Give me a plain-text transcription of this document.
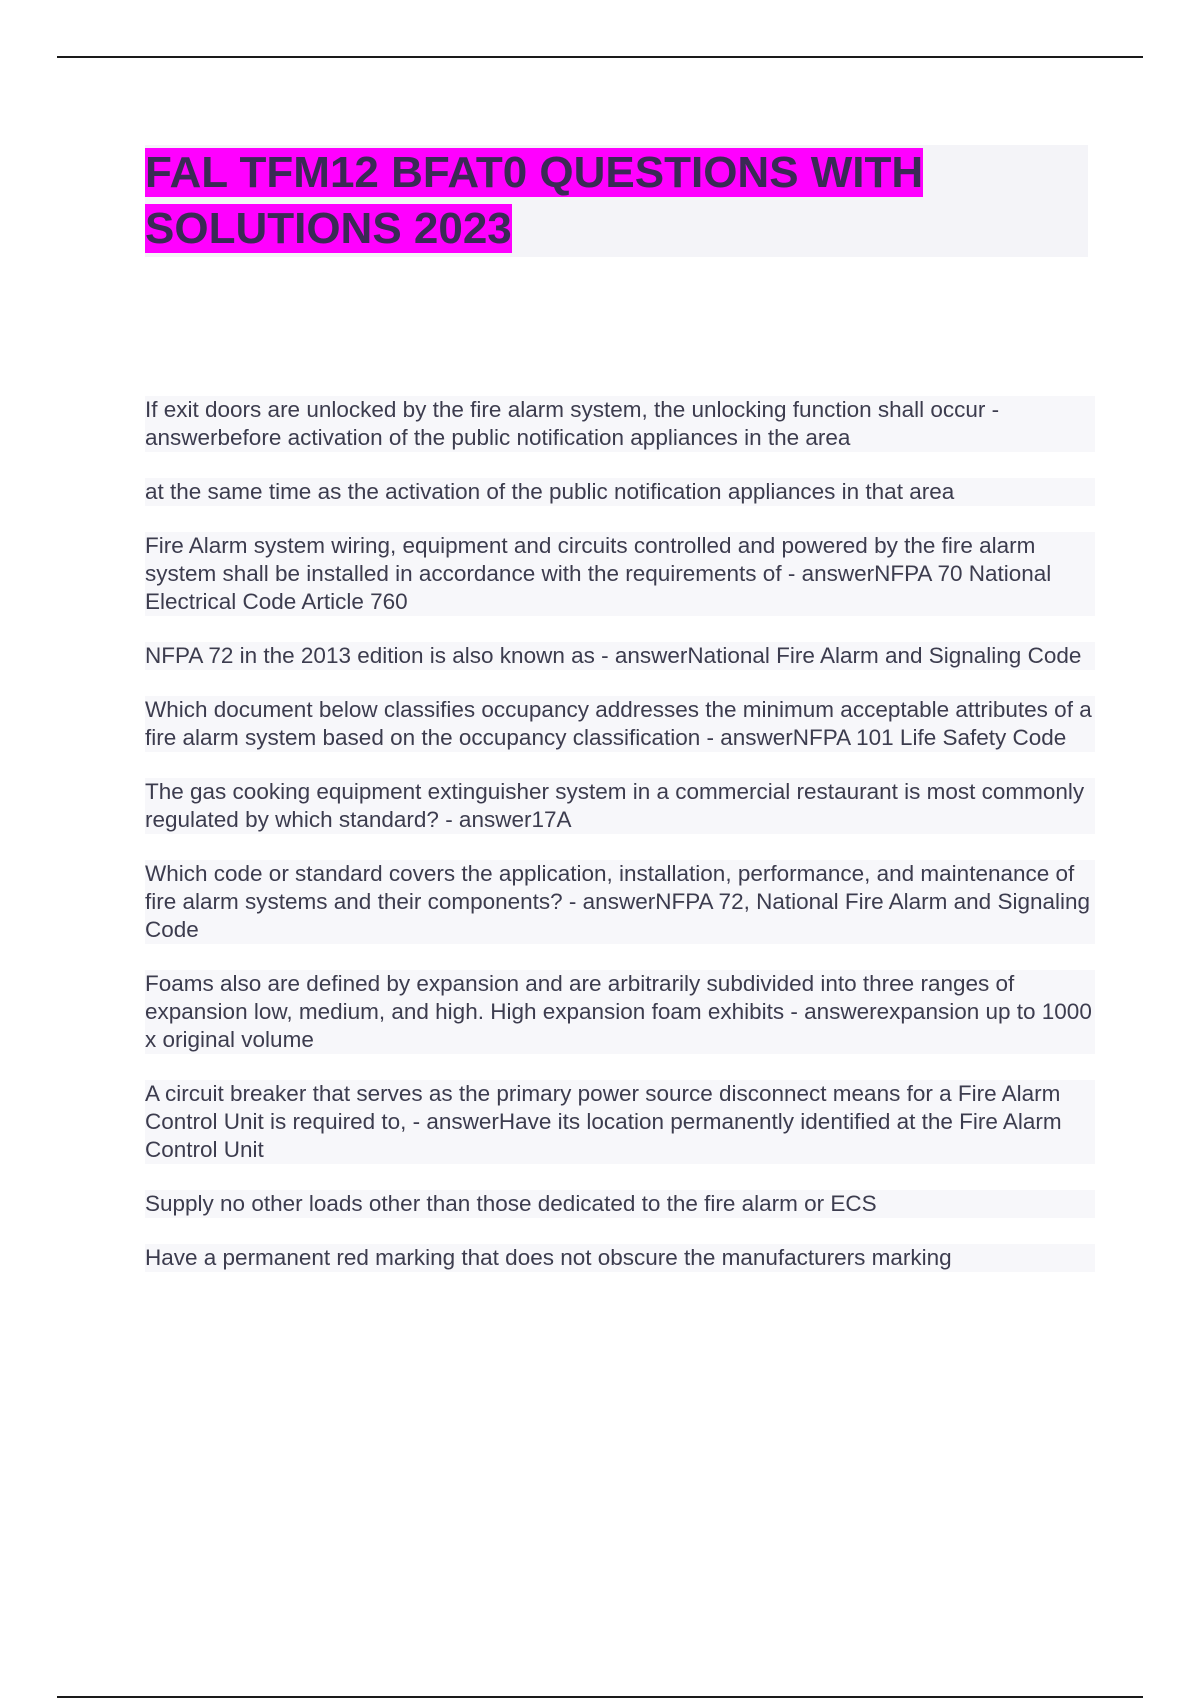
FAL TFM12 BFAT0 QUESTIONS WITH SOLUTIONS 2023

If exit doors are unlocked by the fire alarm system, the unlocking function shall occur - answerbefore activation of the public notification appliances in the area

at the same time as the activation of the public notification appliances in that area

Fire Alarm system wiring, equipment and circuits controlled and powered by the fire alarm system shall be installed in accordance with the requirements of - answerNFPA 70 National Electrical Code Article 760

NFPA 72 in the 2013 edition is also known as - answerNational Fire Alarm and Signaling Code

Which document below classifies occupancy addresses the minimum acceptable attributes of a fire alarm system based on the occupancy classification - answerNFPA 101 Life Safety Code

The gas cooking equipment extinguisher system in a commercial restaurant is most commonly regulated by which standard? - answer17A

Which code or standard covers the application, installation, performance, and maintenance of fire alarm systems and their components? - answerNFPA 72, National Fire Alarm and Signaling Code

Foams also are defined by expansion and are arbitrarily subdivided into three ranges of expansion low, medium, and high. High expansion foam exhibits - answerexpansion up to 1000 x original volume

A circuit breaker that serves as the primary power source disconnect means for a Fire Alarm Control Unit is required to, - answerHave its location permanently identified at the Fire Alarm Control Unit

Supply no other loads other than those dedicated to the fire alarm or ECS

Have a permanent red marking that does not obscure the manufacturers marking
